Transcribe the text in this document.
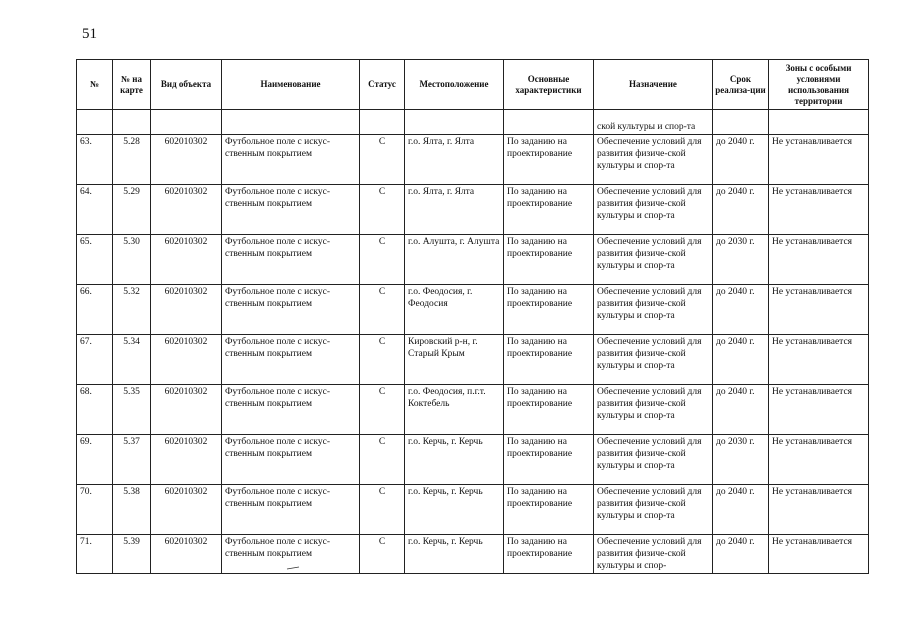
51
№	№ на карте	Вид объекта	Наименование	Статус	Местоположение	Основные характеристики	Назначение	Срок реализа-ции	Зоны с особыми условиями использования территории
							ской культуры и спор-та		
63.	5.28	602010302	Футбольное поле с искус-ственным покрытием	С	г.о. Ялта, г. Ялта	По заданию на проектирование	Обеспечение условий для развития физиче-ской культуры и спор-та	до 2040 г.	Не устанавливается
64.	5.29	602010302	Футбольное поле с искус-ственным покрытием	С	г.о. Ялта, г. Ялта	По заданию на проектирование	Обеспечение условий для развития физиче-ской культуры и спор-та	до 2040 г.	Не устанавливается
65.	5.30	602010302	Футбольное поле с искус-ственным покрытием	С	г.о. Алушта, г. Алушта	По заданию на проектирование	Обеспечение условий для развития физиче-ской культуры и спор-та	до 2030 г.	Не устанавливается
66.	5.32	602010302	Футбольное поле с искус-ственным покрытием	С	г.о. Феодосия, г. Феодосия	По заданию на проектирование	Обеспечение условий для развития физиче-ской культуры и спор-та	до 2040 г.	Не устанавливается
67.	5.34	602010302	Футбольное поле с искус-ственным покрытием	С	Кировский р-н, г. Старый Крым	По заданию на проектирование	Обеспечение условий для развития физиче-ской культуры и спор-та	до 2040 г.	Не устанавливается
68.	5.35	602010302	Футбольное поле с искус-ственным покрытием	С	г.о. Феодосия, п.г.т. Коктебель	По заданию на проектирование	Обеспечение условий для развития физиче-ской культуры и спор-та	до 2040 г.	Не устанавливается
69.	5.37	602010302	Футбольное поле с искус-ственным покрытием	С	г.о. Керчь, г. Керчь	По заданию на проектирование	Обеспечение условий для развития физиче-ской культуры и спор-та	до 2030 г.	Не устанавливается
70.	5.38	602010302	Футбольное поле с искус-ственным покрытием	С	г.о. Керчь, г. Керчь	По заданию на проектирование	Обеспечение условий для развития физиче-ской культуры и спор-та	до 2040 г.	Не устанавливается
71.	5.39	602010302	Футбольное поле с искус-ственным покрытием	С	г.о. Керчь, г. Керчь	По заданию на проектирование	Обеспечение условий для развития физиче-ской культуры и спор-	до 2040 г.	Не устанавливается
